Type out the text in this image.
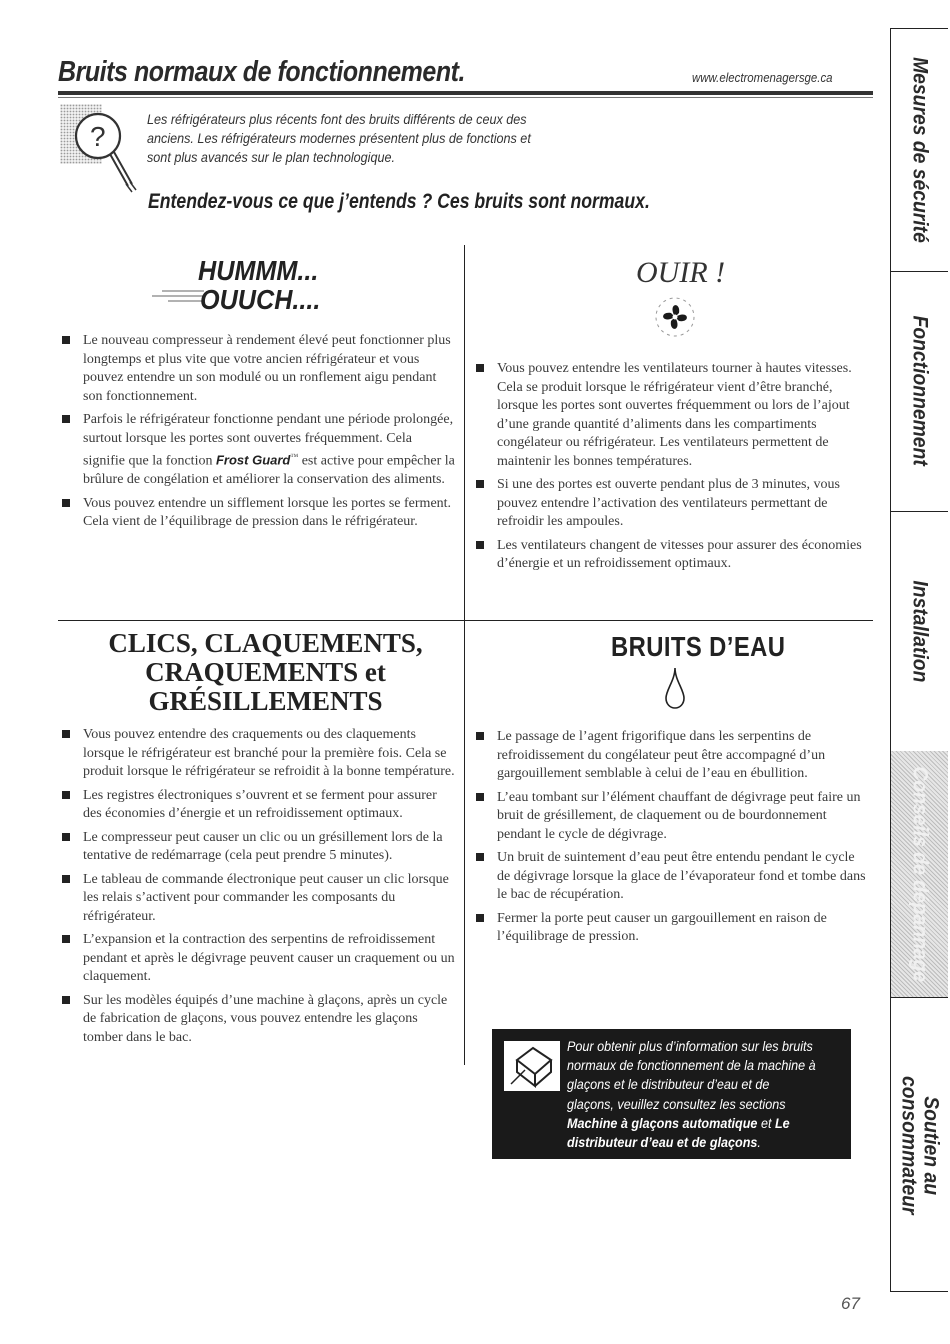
Bruits normaux de fonctionnement.	www.electromenagersge.ca
?
Les réfrigérateurs plus récents font des bruits différents de ceux des anciens. Les réfrigérateurs modernes présentent plus de fonctions et sont plus avancés sur le plan technologique.
Entendez-vous ce que j’entends ? Ces bruits sont normaux.
HUMMM...
OUUCH....
Le nouveau compresseur à rendement élevé peut fonctionner plus longtemps et plus vite que votre ancien réfrigérateur et vous pouvez entendre un son modulé ou un ronflement aigu pendant son fonctionnement.
Parfois le réfrigérateur fonctionne pendant une période prolongée, surtout lorsque les portes sont ouvertes fréquemment. Cela signifie que la fonction Frost Guard™ est active pour empêcher la brûlure de congélation et améliorer la conservation des aliments.
Vous pouvez entendre un sifflement lorsque les portes se ferment. Cela vient de l’équilibrage de pression dans le réfrigérateur.
OUIR !
Vous pouvez entendre les ventilateurs tourner à hautes vitesses. Cela se produit lorsque le réfrigérateur vient d’être branché, lorsque les portes sont ouvertes fréquemment ou lors de l’ajout d’une grande quantité d’aliments dans les compartiments congélateur ou réfrigérateur. Les ventilateurs permettent de maintenir les bonnes températures.
Si une des portes est ouverte pendant plus de 3 minutes, vous pouvez entendre l’activation des ventilateurs permettant de refroidir les ampoules.
Les ventilateurs changent de vitesses pour assurer des économies d’énergie et un refroidissement optimaux.
CLICS, CLAQUEMENTS, CRAQUEMENTS et GRÉSILLEMENTS
Vous pouvez entendre des craquements ou des claquements lorsque le réfrigérateur est branché pour la première fois. Cela se produit lorsque le réfrigérateur se refroidit à la bonne température.
Les registres électroniques s’ouvrent et se ferment pour assurer des économies d’énergie et un refroidissement optimaux.
Le compresseur peut causer un clic ou un grésillement lors de la tentative de redémarrage (cela peut prendre 5 minutes).
Le tableau de commande électronique peut causer un clic lorsque les relais s’activent pour commander les composants du réfrigérateur.
L’expansion et la contraction des serpentins de refroidissement pendant et après le dégivrage peuvent causer un craquement ou un claquement.
Sur les modèles équipés d’une machine à glaçons, après un cycle de fabrication de glaçons, vous pouvez entendre les glaçons tomber dans le bac.
BRUITS D’EAU
Le passage de l’agent frigorifique dans les serpentins de refroidissement du congélateur peut être accompagné d’un gargouillement semblable à celui de l’eau en ébullition.
L’eau tombant sur l’élément chauffant de dégivrage peut faire un bruit de grésillement, de claquement ou de bourdonnement pendant le cycle de dégivrage.
Un bruit de suintement d’eau peut être entendu pendant le cycle de dégivrage lorsque la glace de l’évaporateur fond et tombe dans le bac de récupération.
Fermer la porte peut causer un gargouillement en raison de l’équilibrage de pression.
Pour obtenir plus d’information sur les bruits normaux de fonctionnement de la machine à glaçons et le distributeur d’eau et de glaçons, veuillez consultez les sections Machine à glaçons automatique et Le distributeur d’eau et de glaçons.
67
Mesures de sécurité
Fonctionnement
Installation
Conseils de dépannage
Soutien au
consommateur
